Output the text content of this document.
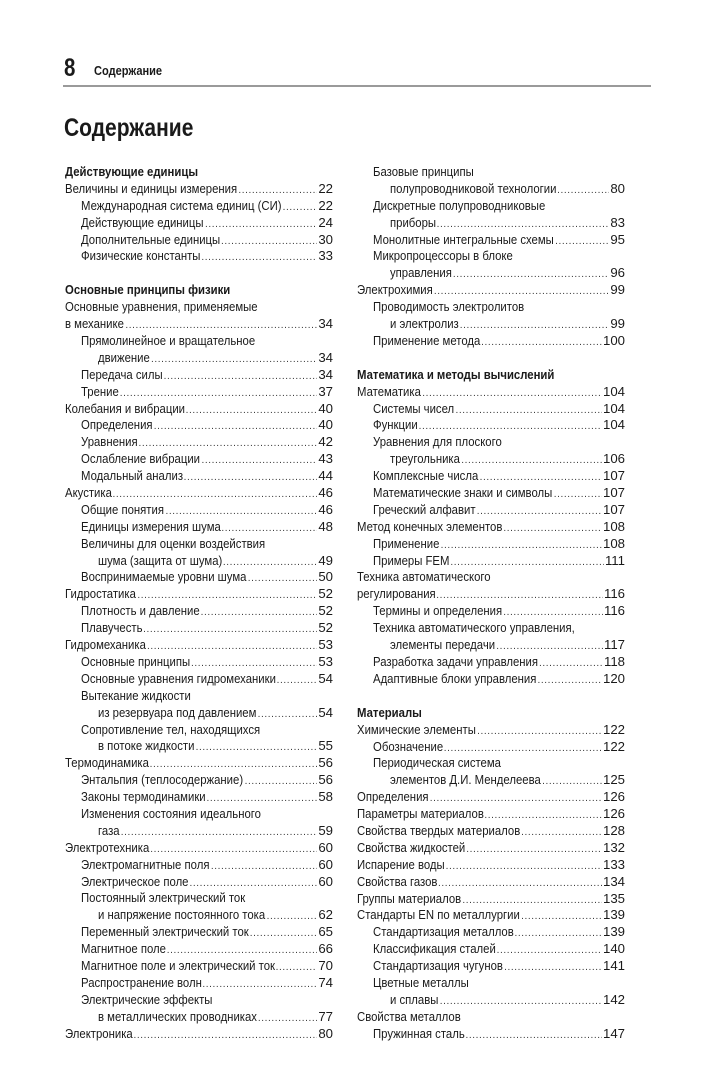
8 Содержание
Содержание
Действующие единицы
Величины и единицы измерения .....	22
Международная система единиц (СИ) .....	22
Действующие единицы .....	24
Дополнительные единицы .....	30
Физические константы .....	33
Основные принципы физики
Основные уравнения, применяемые
в механике .....	34
Прямолинейное и вращательное
движение .....	34
Передача силы .....	34
Трение .....	37
Колебания и вибрации .....	40
Определения .....	40
Уравнения .....	42
Ослабление вибрации .....	43
Модальный анализ .....	44
Акустика .....	46
Общие понятия .....	46
Единицы измерения шума .....	48
Величины для оценки воздействия
шума (защита от шума) .....	49
Воспринимаемые уровни шума .....	50
Гидростатика .....	52
Плотность и давление .....	52
Плавучесть .....	52
Гидромеханика .....	53
Основные принципы .....	53
Основные уравнения гидромеханики .....	54
Вытекание жидкости
из резервуара под давлением .....	54
Сопротивление тел, находящихся
в потоке жидкости .....	55
Термодинамика .....	56
Энтальпия (теплосодержание) .....	56
Законы термодинамики .....	58
Изменения состояния идеального
газа .....	59
Электротехника .....	60
Электромагнитные поля .....	60
Электрическое поле .....	60
Постоянный электрический ток
и напряжение постоянного тока .....	62
Переменный электрический ток .....	65
Магнитное поле .....	66
Магнитное поле и электрический ток .....	70
Распространение волн .....	74
Электрические эффекты
в металлических проводниках .....	77
Электроника .....	80
Базовые принципы
полупроводниковой технологии .....	80
Дискретные полупроводниковые
приборы .....	83
Монолитные интегральные схемы .....	95
Микропроцессоры в блоке
управления .....	96
Электрохимия .....	99
Проводимость электролитов
и электролиз .....	99
Применение метода .....	100
Математика и методы вычислений
Математика .....	104
Системы чисел .....	104
Функции .....	104
Уравнения для плоского
треугольника .....	106
Комплексные числа .....	107
Математические знаки и символы .....	107
Греческий алфавит .....	107
Метод конечных элементов .....	108
Применение .....	108
Примеры FEM .....	111
Техника автоматического
регулирования .....	116
Термины и определения .....	116
Техника автоматического управления,
элементы передачи .....	117
Разработка задачи управления .....	118
Адаптивные блоки управления .....	120
Материалы
Химические элементы .....	122
Обозначение .....	122
Периодическая система
элементов Д.И. Менделеева .....	125
Определения .....	126
Параметры материалов .....	126
Свойства твердых материалов .....	128
Свойства жидкостей .....	132
Испарение воды .....	133
Свойства газов .....	134
Группы материалов .....	135
Стандарты EN по металлургии .....	139
Стандартизация металлов .....	139
Классификация сталей .....	140
Стандартизация чугунов .....	141
Цветные металлы
и сплавы .....	142
Свойства металлов
Пружинная сталь .....	147
